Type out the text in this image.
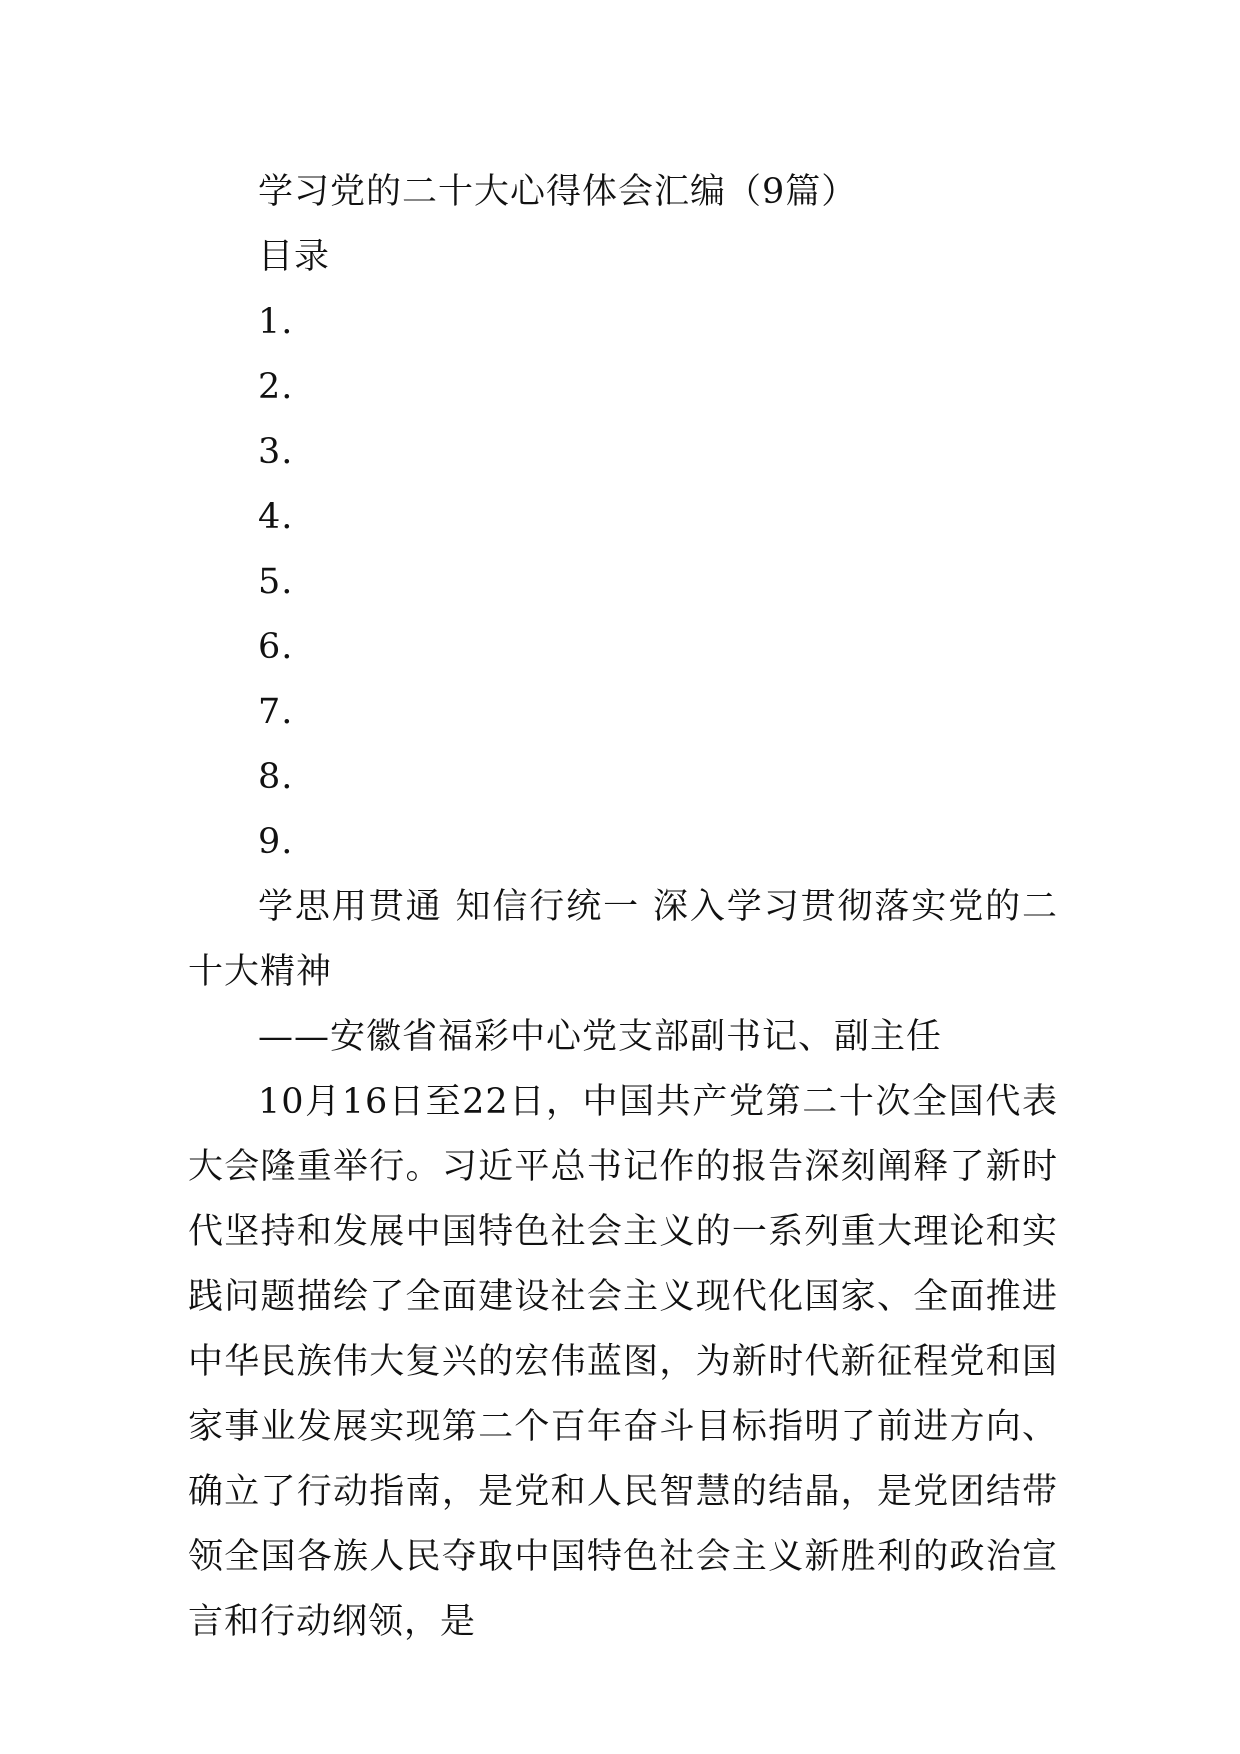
学习党的二十大心得体会汇编（9篇）

目录

1.

2.

3.

4.

5.

6.

7.

8.

9.

学思用贯通 知信行统一 深入学习贯彻落实党的二十大精神

——安徽省福彩中心党支部副书记、副主任

10月16日至22日，中国共产党第二十次全国代表大会隆重举行。习近平总书记作的报告深刻阐释了新时代坚持和发展中国特色社会主义的一系列重大理论和实践问题描绘了全面建设社会主义现代化国家、全面推进中华民族伟大复兴的宏伟蓝图，为新时代新征程党和国家事业发展实现第二个百年奋斗目标指明了前进方向、确立了行动指南，是党和人民智慧的结晶，是党团结带领全国各族人民夺取中国特色社会主义新胜利的政治宣言和行动纲领，是
